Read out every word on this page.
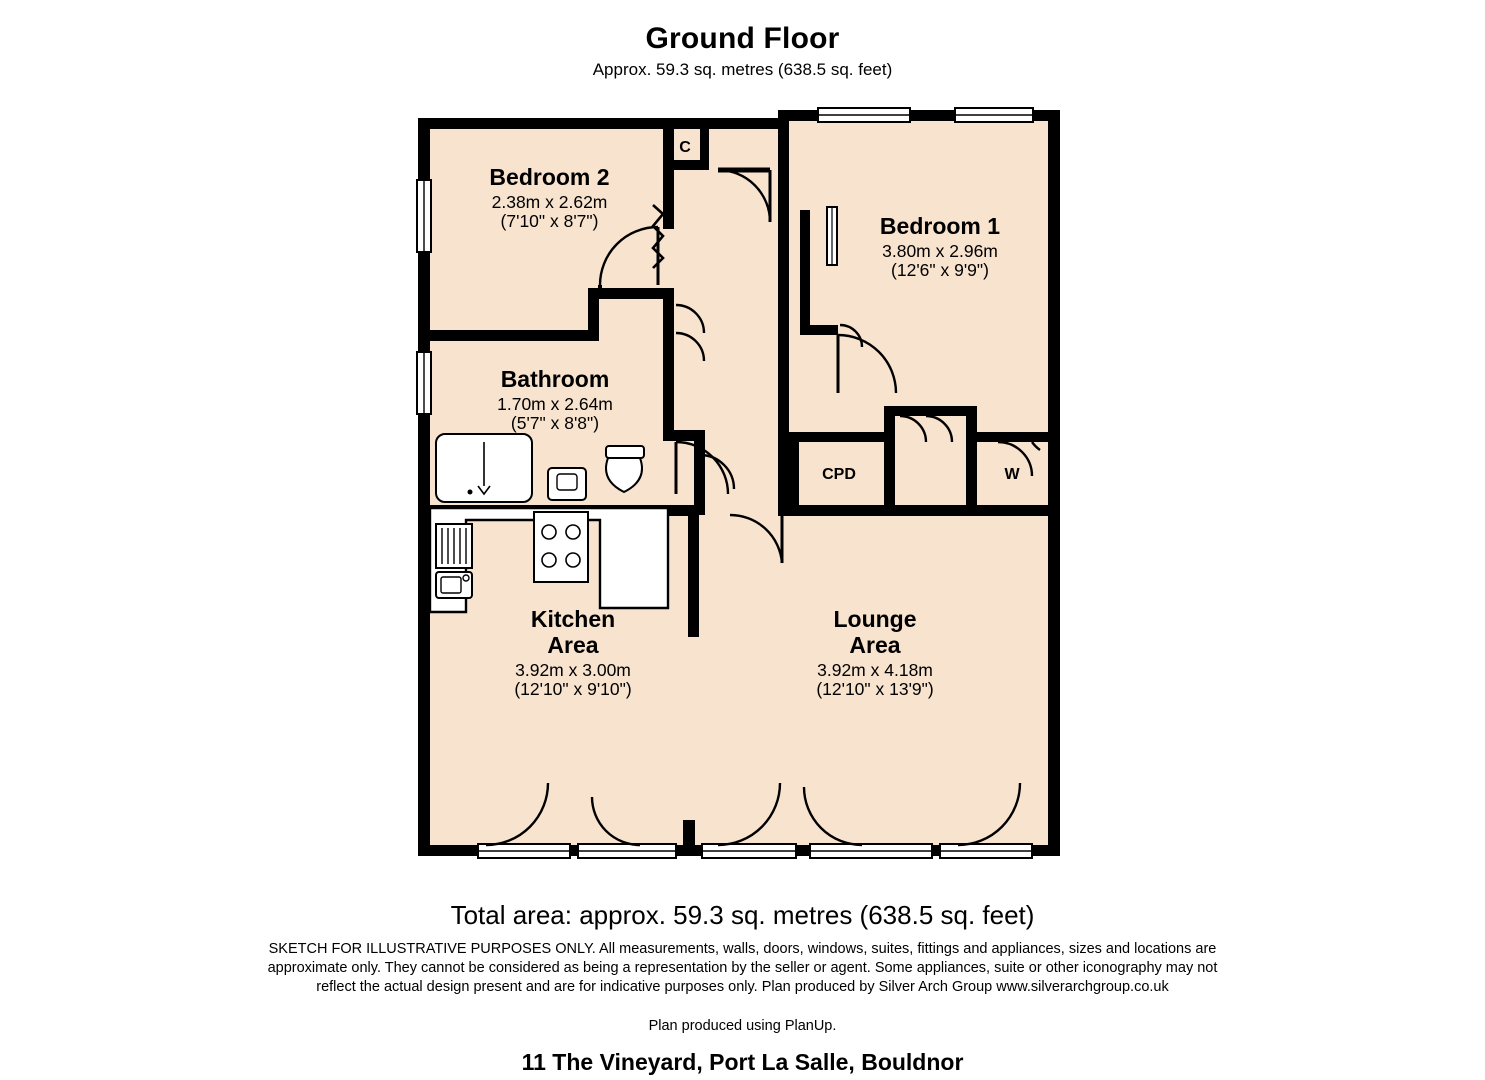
Ground Floor
Approx. 59.3 sq. metres (638.5 sq. feet)
Bedroom 2
2.38m x 2.62m
(7'10" x 8'7")	Bedroom 1
3.80m x 2.96m
(12'6" x 9'9")
Bathroom
1.70m x 2.64m
(5'7" x 8'8")
Kitchen
Area
3.92m x 3.00m
(12'10" x 9'10")
Lounge
Area
3.92m x 4.18m
(12'10" x 13'9")
C
CPD	W
Total area: approx. 59.3 sq. metres (638.5 sq. feet)
SKETCH FOR ILLUSTRATIVE PURPOSES ONLY. All measurements, walls, doors, windows, suites, fittings and appliances, sizes and locations are approximate only. They cannot be considered as being a representation by the seller or agent. Some appliances, suite or other iconography may not reflect the actual design present and are for indicative purposes only. Plan produced by Silver Arch Group www.silverarchgroup.co.uk
Plan produced using PlanUp.
11 The Vineyard, Port La Salle, Bouldnor
